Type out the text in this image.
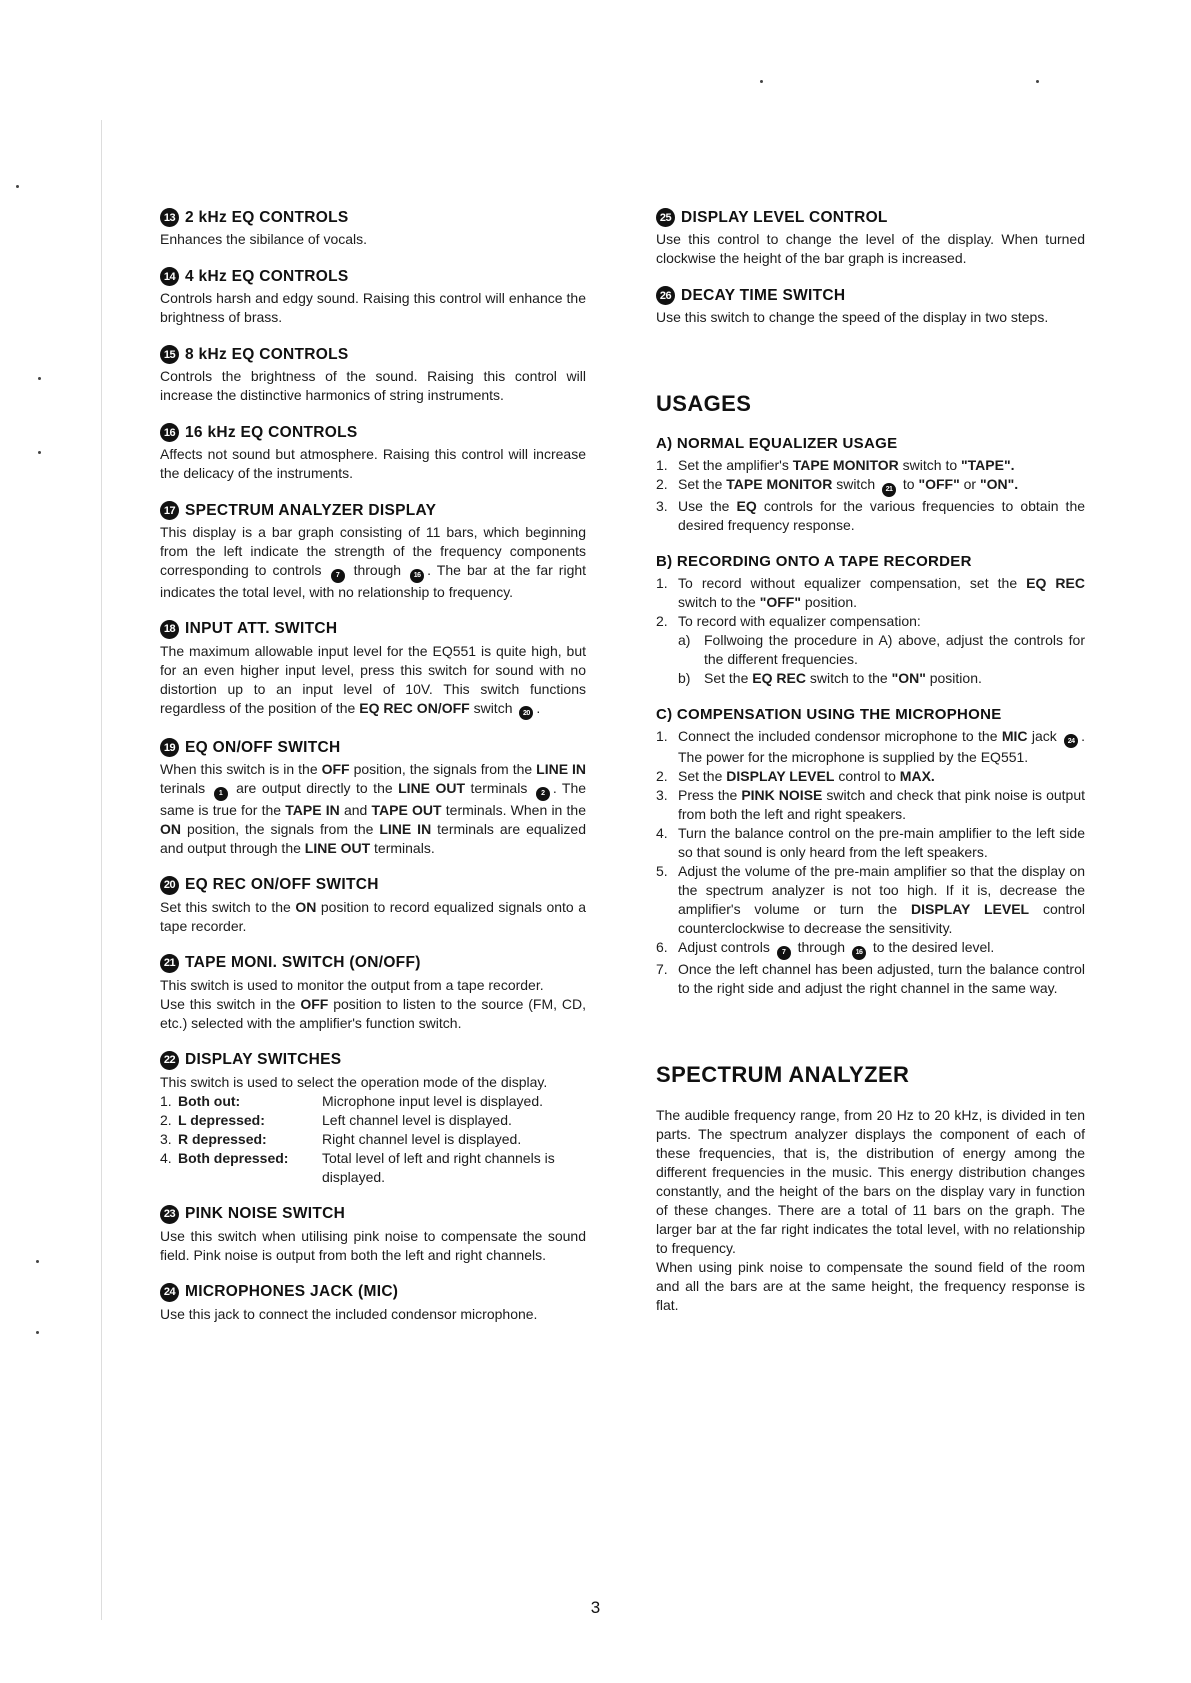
13 2 kHz EQ CONTROLS
Enhances the sibilance of vocals.
14 4 kHz EQ CONTROLS
Controls harsh and edgy sound. Raising this control will enhance the brightness of brass.
15 8 kHz EQ CONTROLS
Controls the brightness of the sound. Raising this control will increase the distinctive harmonics of string instruments.
16 16 kHz EQ CONTROLS
Affects not sound but atmosphere. Raising this control will increase the delicacy of the instruments.
17 SPECTRUM ANALYZER DISPLAY
This display is a bar graph consisting of 11 bars, which beginning from the left indicate the strength of the frequency components corresponding to controls 7 through 16 . The bar at the far right indicates the total level, with no relationship to frequency.
18 INPUT ATT. SWITCH
The maximum allowable input level for the EQ551 is quite high, but for an even higher input level, press this switch for sound with no distortion up to an input level of 10V. This switch functions regardless of the position of the EQ REC ON/OFF switch 20 .
19 EQ ON/OFF SWITCH
When this switch is in the OFF position, the signals from the LINE IN terinals 1 are output directly to the LINE OUT terminals 2 . The same is true for the TAPE IN and TAPE OUT terminals. When in the ON position, the signals from the LINE IN terminals are equalized and output through the LINE OUT terminals.
20 EQ REC ON/OFF SWITCH
Set this switch to the ON position to record equalized signals onto a tape recorder.
21 TAPE MONI. SWITCH (ON/OFF)
This switch is used to monitor the output from a tape recorder.
Use this switch in the OFF position to listen to the source (FM, CD, etc.) selected with the amplifier's function switch.
22 DISPLAY SWITCHES
This switch is used to select the operation mode of the display.
1. Both out:	Microphone input level is displayed.
2. L depressed:	Left channel level is displayed.
3. R depressed:	Right channel level is displayed.
4. Both depressed:	Total level of left and right channels is displayed.
23 PINK NOISE SWITCH
Use this switch when utilising pink noise to compensate the sound field. Pink noise is output from both the left and right channels.
24 MICROPHONES JACK (MIC)
Use this jack to connect the included condensor microphone.
25 DISPLAY LEVEL CONTROL
Use this control to change the level of the display. When turned clockwise the height of the bar graph is increased.
26 DECAY TIME SWITCH
Use this switch to change the speed of the display in two steps.
USAGES
A) NORMAL EQUALIZER USAGE
1. Set the amplifier's TAPE MONITOR switch to "TAPE".
2. Set the TAPE MONITOR switch 21 to "OFF" or "ON".
3. Use the EQ controls for the various frequencies to obtain the desired frequency response.
B) RECORDING ONTO A TAPE RECORDER
1. To record without equalizer compensation, set the EQ REC switch to the "OFF" position.
2. To record with equalizer compensation:
a) Follwoing the procedure in A) above, adjust the controls for the different frequencies.
b) Set the EQ REC switch to the "ON" position.
C) COMPENSATION USING THE MICROPHONE
1. Connect the included condensor microphone to the MIC jack 24 . The power for the microphone is supplied by the EQ551.
2. Set the DISPLAY LEVEL control to MAX.
3. Press the PINK NOISE switch and check that pink noise is output from both the left and right speakers.
4. Turn the balance control on the pre-main amplifier to the left side so that sound is only heard from the left speakers.
5. Adjust the volume of the pre-main amplifier so that the display on the spectrum analyzer is not too high. If it is, decrease the amplifier's volume or turn the DISPLAY LEVEL control counterclockwise to decrease the sensitivity.
6. Adjust controls 7 through 16 to the desired level.
7. Once the left channel has been adjusted, turn the balance control to the right side and adjust the right channel in the same way.
SPECTRUM ANALYZER
The audible frequency range, from 20 Hz to 20 kHz, is divided in ten parts. The spectrum analyzer displays the component of each of these frequencies, that is, the distribution of energy among the different frequencies in the music. This energy distribution changes constantly, and the height of the bars on the display vary in function of these changes. There are a total of 11 bars on the graph. The larger bar at the far right indicates the total level, with no relationship to frequency.
When using pink noise to compensate the sound field of the room and all the bars are at the same height, the frequency response is flat.
3
